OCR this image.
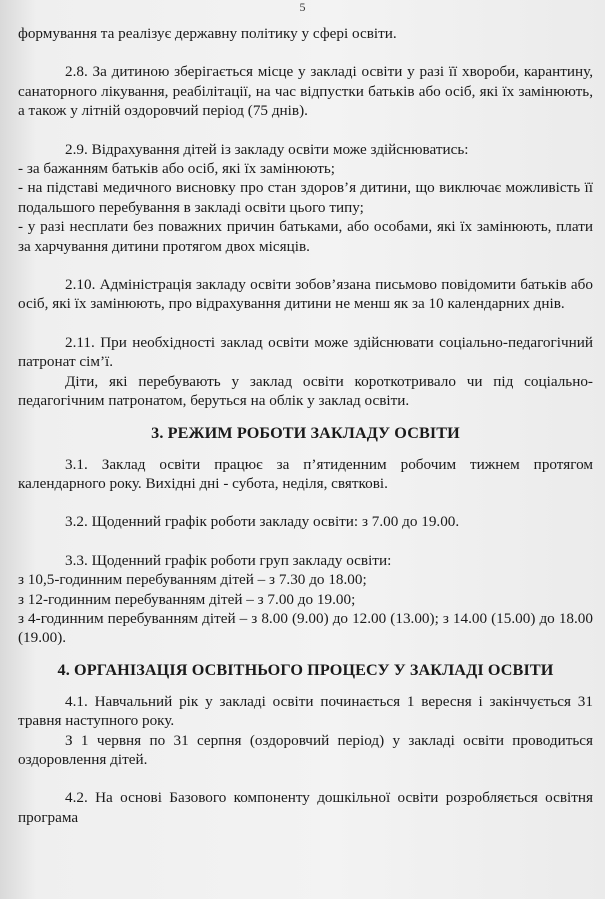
5

формування та реалізує державну політику у сфері освіти.

2.8. За дитиною зберігається місце у закладі освіти у разі її хвороби, карантину, санаторного лікування, реабілітації, на час відпустки батьків або осіб, які їх замінюють, а також у літній оздоровчий період (75 днів).

2.9. Відрахування дітей із закладу освіти може здійснюватись:

- за бажанням батьків або осіб, які їх замінюють;

- на підставі медичного висновку про стан здоров’я дитини, що виключає можливість її подальшого перебування в закладі освіти цього типу;

- у разі несплати без поважних причин батьками, або особами, які їх замінюють, плати за харчування дитини протягом двох місяців.

2.10. Адміністрація закладу освіти зобов’язана письмово повідомити батьків або осіб, які їх замінюють, про відрахування дитини не менш як за 10 календарних днів.

2.11. При необхідності заклад освіти може здійснювати соціально-педагогічний патронат сім’ї.

Діти, які перебувають у заклад освіти короткотривало чи під соціально-педагогічним патронатом, беруться на облік у заклад освіти.

3. РЕЖИМ РОБОТИ ЗАКЛАДУ ОСВІТИ

3.1. Заклад освіти працює за п’ятиденним робочим тижнем протягом календарного року. Вихідні дні - субота, неділя, святкові.

3.2. Щоденний графік роботи закладу освіти: з 7.00 до 19.00.

3.3. Щоденний графік роботи груп закладу освіти:

з 10,5-годинним перебуванням дітей – з 7.30 до 18.00;

з 12-годинним перебуванням дітей – з 7.00 до 19.00;

з 4-годинним перебуванням дітей – з 8.00 (9.00) до 12.00 (13.00); з 14.00 (15.00) до 18.00 (19.00).

4. ОРГАНІЗАЦІЯ ОСВІТНЬОГО ПРОЦЕСУ У ЗАКЛАДІ ОСВІТИ

4.1. Навчальний рік у закладі освіти починається 1 вересня і закінчується 31 травня наступного року.

З 1 червня по 31 серпня (оздоровчий період) у закладі освіти проводиться оздоровлення дітей.

4.2. На основі Базового компоненту дошкільної освіти розробляється освітня програма
